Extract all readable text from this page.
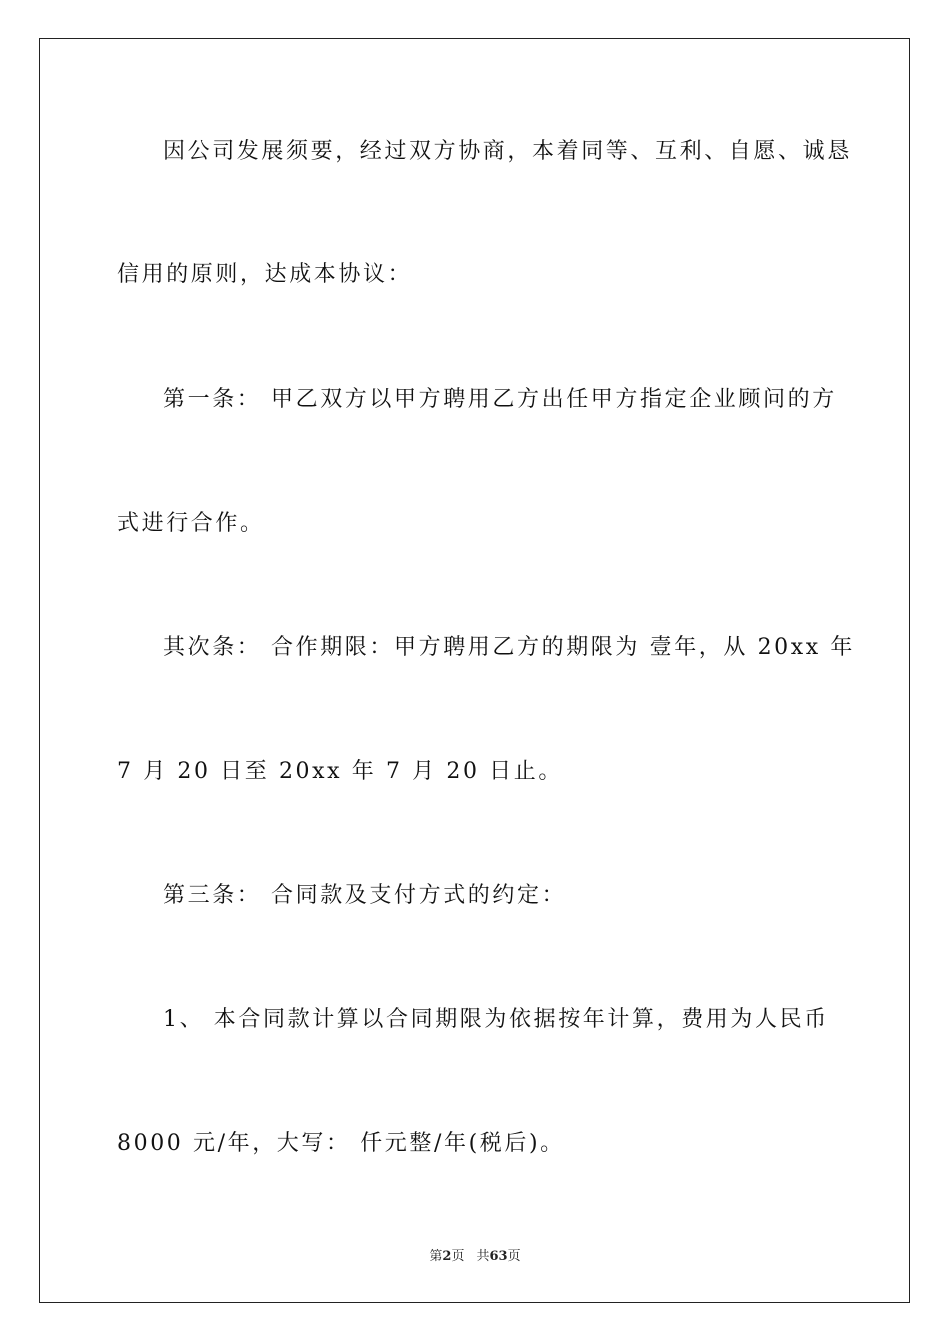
因公司发展须要，经过双方协商，本着同等、互利、自愿、诚恳
信用的原则，达成本协议：
第一条： 甲乙双方以甲方聘用乙方出任甲方指定企业顾问的方
式进行合作。
其次条： 合作期限：甲方聘用乙方的期限为 壹年，从 20xx 年
7 月 20 日至 20xx 年 7 月 20 日止。
第三条： 合同款及支付方式的约定：
1、 本合同款计算以合同期限为依据按年计算，费用为人民币
8000 元/年，大写： 仟元整/年(税后)。
第2页 共63页
